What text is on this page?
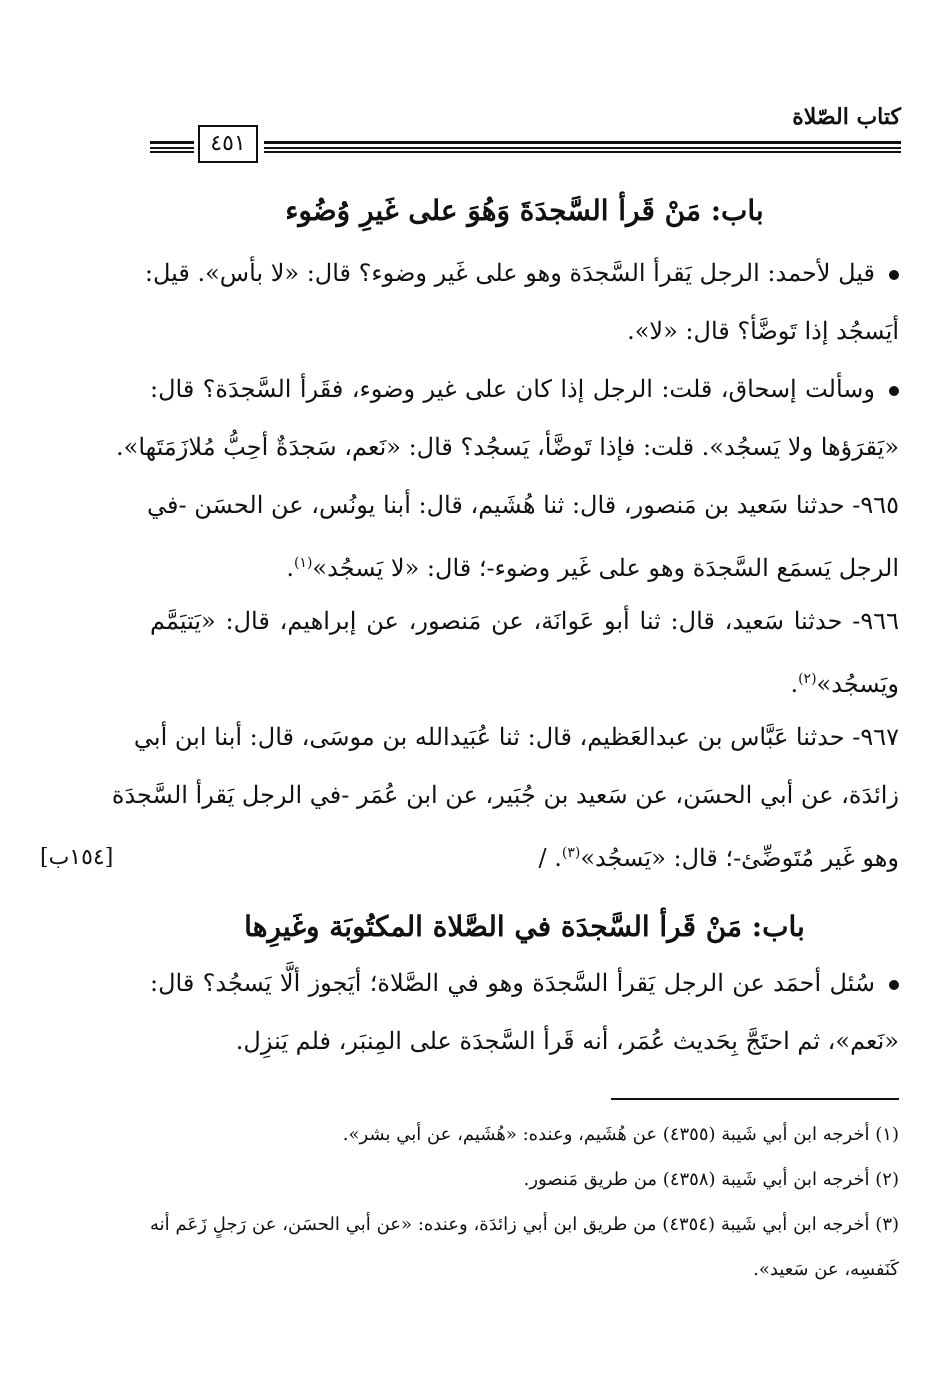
كتاب الصّلاة
٤٥١
باب: مَنْ قَرأ السَّجدَةَ وَهُوَ على غَيرِ وُضُوء
قيل لأحمد: الرجل يَقرأ السَّجدَة وهو على غَير وضوء؟ قال: «لا بأس». قيل:
أيَسجُد إذا تَوضَّأ؟ قال: «لا».
وسألت إسحاق، قلت: الرجل إذا كان على غير وضوء، فقَرأ السَّجدَة؟ قال:
«يَقرَؤها ولا يَسجُد». قلت: فإذا تَوضَّأ، يَسجُد؟ قال: «نَعم، سَجدَةٌ أحِبُّ مُلازَمَتَها».
٩٦٥- حدثنا سَعيد بن مَنصور، قال: ثنا هُشَيم، قال: أبنا يونُس، عن الحسَن -في
الرجل يَسمَع السَّجدَة وهو على غَير وضوء-؛ قال: «لا يَسجُد»$^{(١)}$.
٩٦٦- حدثنا سَعيد، قال: ثنا أبو عَوانَة، عن مَنصور، عن إبراهيم، قال: «يَتيَمَّم
ويَسجُد»$^{(٢)}$.
٩٦٧- حدثنا عَبَّاس بن عبدالعَظيم، قال: ثنا عُبَيدالله بن موسَى، قال: أبنا ابن أبي
زائدَة، عن أبي الحسَن، عن سَعيد بن جُبَير، عن ابن عُمَر -في الرجل يَقرأ السَّجدَة
وهو غَير مُتَوضِّئ-؛ قال: «يَسجُد»$^{(٣)}$. /
[١٥٤ب]
باب: مَنْ قَرأ السَّجدَة في الصَّلاة المكتُوبَة وغَيرِها
سُئل أحمَد عن الرجل يَقرأ السَّجدَة وهو في الصَّلاة؛ أيَجوز ألَّا يَسجُد؟ قال:
«نَعم»، ثم احتَجَّ بِحَديث عُمَر، أنه قَرأ السَّجدَة على المِنبَر، فلم يَنزِل.
(١) أخرجه ابن أبي شَيبة (٤٣٥٥) عن هُشَيم، وعنده: «هُشَيم، عن أبي بشر».
(٢) أخرجه ابن أبي شَيبة (٤٣٥٨) من طريق مَنصور.
(٣) أخرجه ابن أبي شَيبة (٤٣٥٤) من طريق ابن أبي زائدَة، وعنده: «عن أبي الحسَن، عن رَجلٍ زَعَم أنه
كَنَفسِه، عن سَعيد».
